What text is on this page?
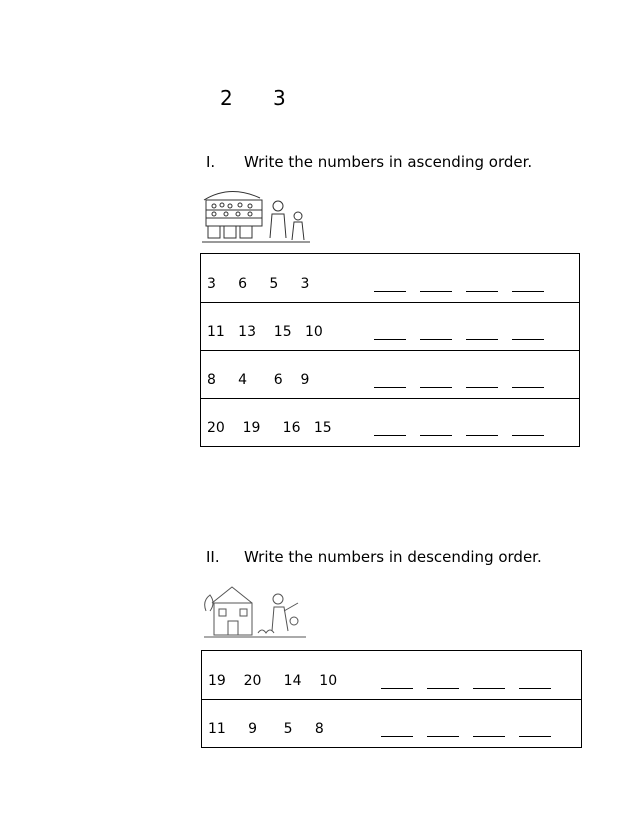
2 3
I. Write the numbers in ascending order.
3     6     5     3
11   13    15   10
8     4      6    9
20    19     16   15
II. Write the numbers in descending order.
19    20     14    10
11     9      5     8
